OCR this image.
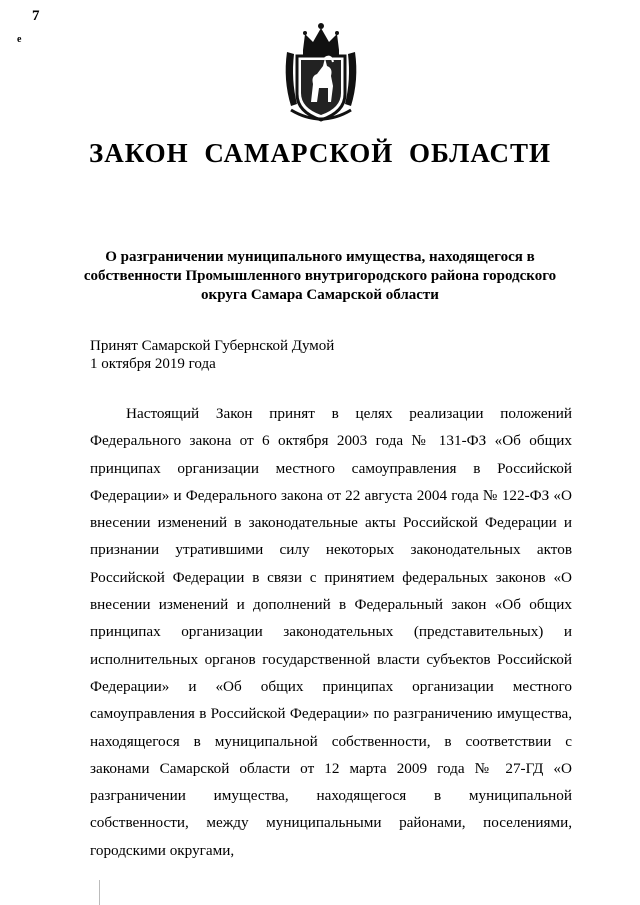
7
e
ЗАКОН САМАРСКОЙ ОБЛАСТИ
О разграничении муниципального имущества, находящегося в собственности Промышленного внутригородского района городского округа Самара Самарской области
Принят Самарской Губернской Думой
1 октября 2019 года

Настоящий Закон принят в целях реализации положений Федерального закона от 6 октября 2003 года № 131-ФЗ «Об общих принципах организации местного самоуправления в Российской Федерации» и Федерального закона от 22 августа 2004 года № 122-ФЗ «О внесении изменений в законодательные акты Российской Федерации и признании утратившими силу некоторых законодательных актов Российской Федерации в связи с принятием федеральных законов «О внесении изменений и дополнений в Федеральный закон «Об общих принципах организации законодательных (представительных) и исполнительных органов государственной власти субъектов Российской Федерации» и «Об общих принципах организации местного самоуправления в Российской Федерации» по разграничению имущества, находящегося в муниципальной собственности, в соответствии с законами Самарской области от 12 марта 2009 года № 27-ГД «О разграничении имущества, находящегося в муниципальной собственности, между муниципальными районами, поселениями, городскими округами,
